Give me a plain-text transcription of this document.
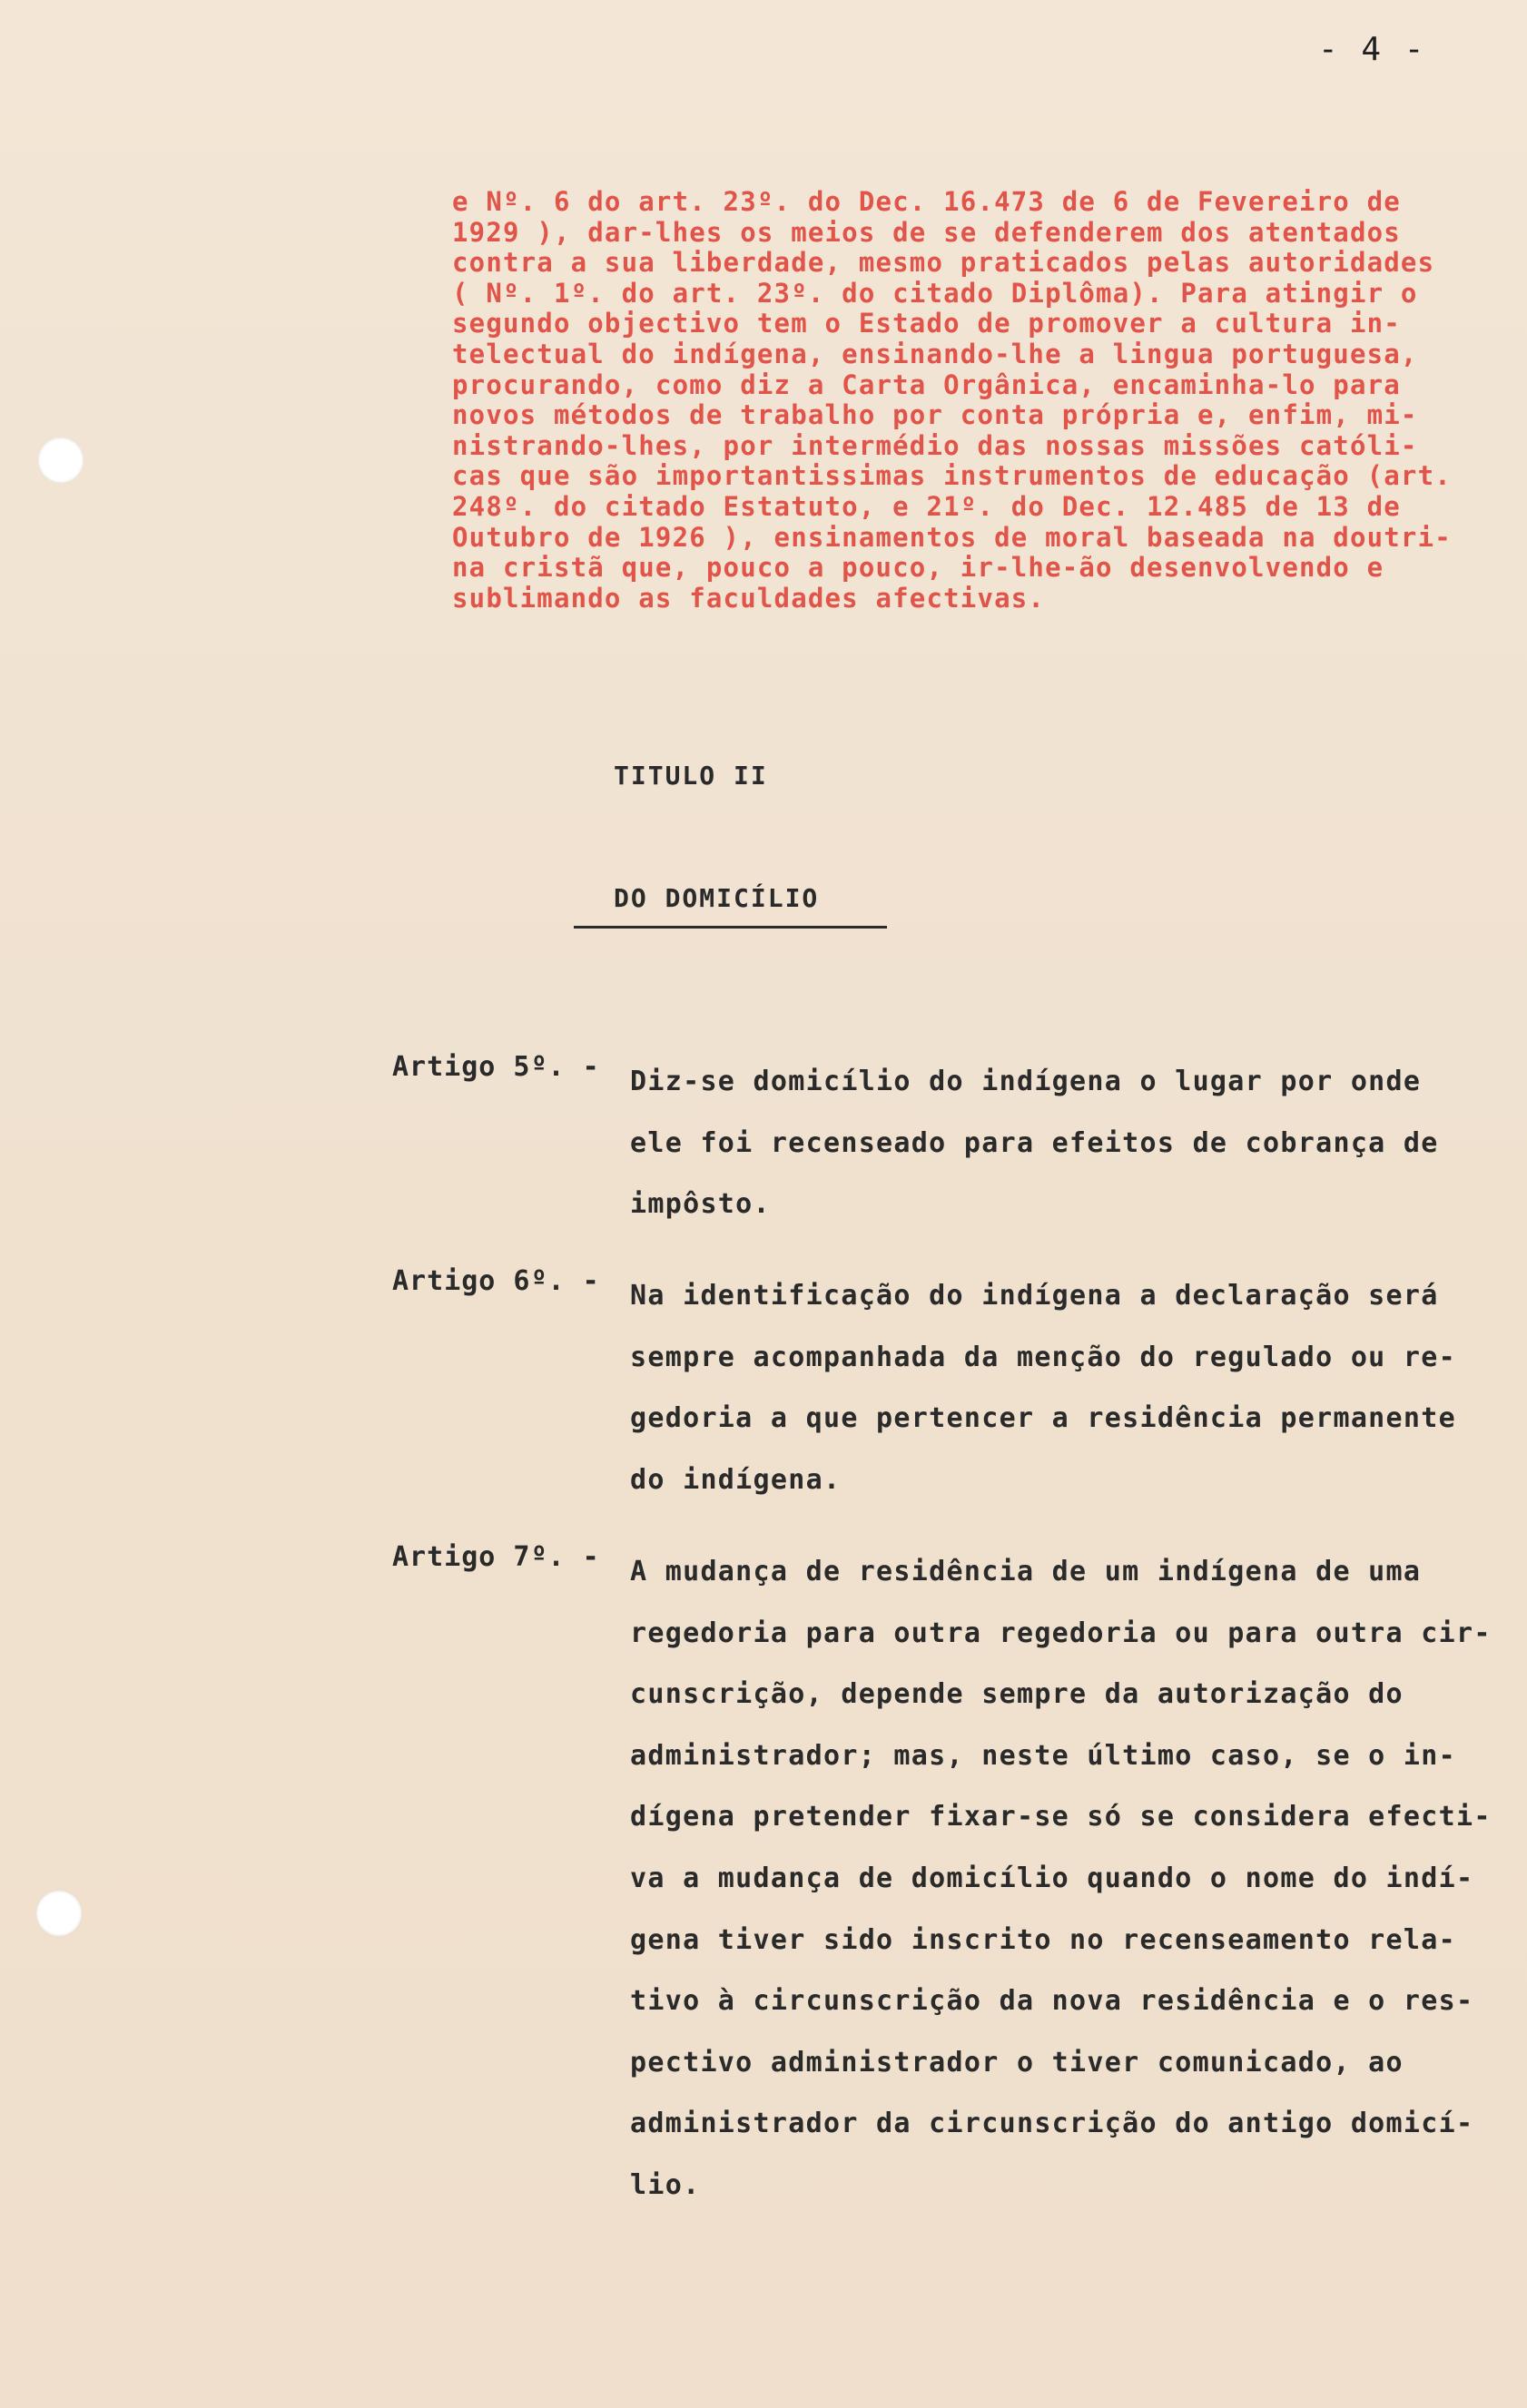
- 4 -
e Nº. 6 do art. 23º. do Dec. 16.473 de 6 de Fevereiro de
1929 ), dar-lhes os meios de se defenderem dos atentados
contra a sua liberdade, mesmo praticados pelas autoridades
( Nº. 1º. do art. 23º. do citado Diplôma). Para atingir o
segundo objectivo tem o Estado de promover a cultura in-
telectual do indígena, ensinando-lhe a lingua portuguesa,
procurando, como diz a Carta Orgânica, encaminha-lo para
novos métodos de trabalho por conta própria e, enfim, mi-
nistrando-lhes, por intermédio das nossas missões católi-
cas que são importantissimas instrumentos de educação (art.
248º. do citado Estatuto, e 21º. do Dec. 12.485 de 13 de
Outubro de 1926 ), ensinamentos de moral baseada na doutri-
na cristã que, pouco a pouco, ir-lhe-ão desenvolvendo e
sublimando as faculdades afectivas.
TITULO II
DO DOMICÍLIO
Artigo 5º. - Diz-se domicílio do indígena o lugar por onde
ele foi recenseado para efeitos de cobrança de
impôsto.
Artigo 6º. - Na identificação do indígena a declaração será
sempre acompanhada da menção do regulado ou re-
gedoria a que pertencer a residência permanente
do indígena.
Artigo 7º. - A mudança de residência de um indígena de uma
regedoria para outra regedoria ou para outra cir-
cunscrição, depende sempre da autorização do
administrador; mas, neste último caso, se o in-
dígena pretender fixar-se só se considera efecti-
va a mudança de domicílio quando o nome do indí-
gena tiver sido inscrito no recenseamento rela-
tivo à circunscrição da nova residência e o res-
pectivo administrador o tiver comunicado, ao
administrador da circunscrição do antigo domicí-
lio.
